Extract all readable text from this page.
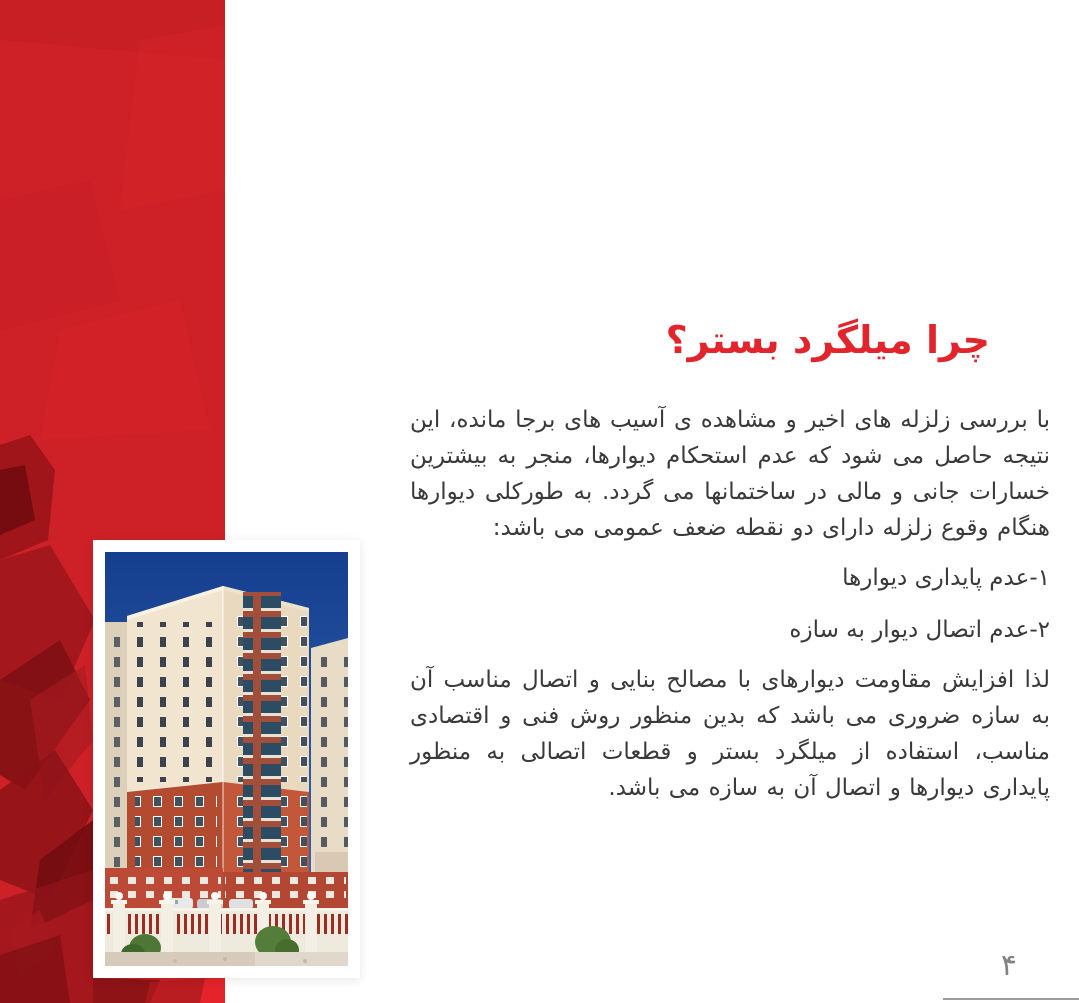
چرا میلگرد بستر؟

با بررسی زلزله های اخیر و مشاهده ی آسیب های برجا مانده، این نتیجه حاصل می شود که عدم استحکام دیوارها، منجر به بیشترین خسارات جانی و مالی در ساختمانها می گردد. به طورکلی دیوارها هنگام وقوع زلزله دارای دو نقطه ضعف عمومی می باشد:

۱-عدم پایداری دیوارها

۲-عدم اتصال دیوار به سازه

لذا افزایش مقاومت دیوارهای با مصالح بنایی و اتصال مناسب آن به سازه ضروری می باشد که بدین منظور روش فنی و اقتصادی مناسب، استفاده از میلگرد بستر و قطعات اتصالی به منظور پایداری دیوارها و اتصال آن به سازه می باشد.

۴
